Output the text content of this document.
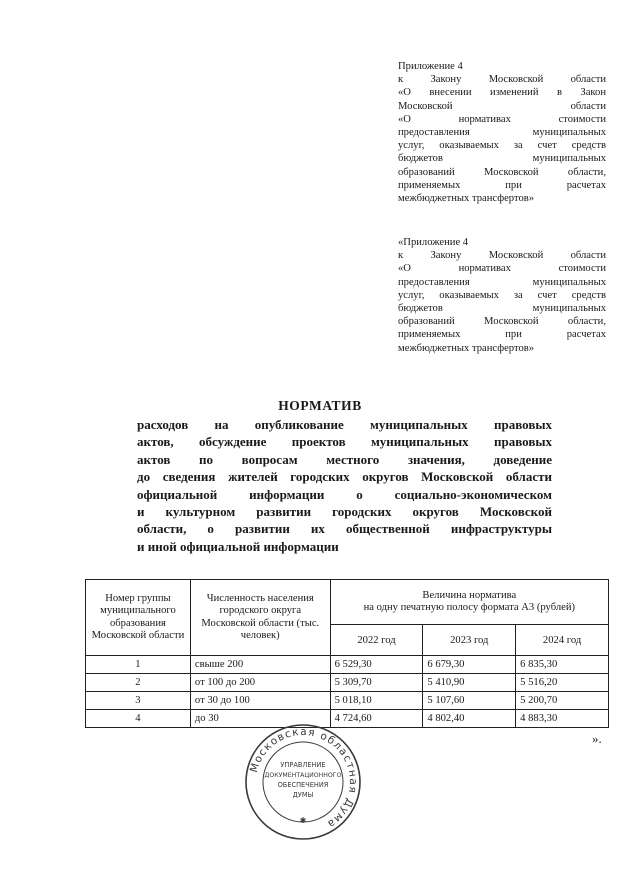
Приложение 4
к Закону Московской области
«О внесении изменений в Закон
Московской области
«О нормативах стоимости
предоставления муниципальных
услуг, оказываемых за счет средств
бюджетов муниципальных
образований Московской области,
применяемых при расчетах
межбюджетных трансфертов»
«Приложение 4
к Закону Московской области
«О нормативах стоимости
предоставления муниципальных
услуг, оказываемых за счет средств
бюджетов муниципальных
образований Московской области,
применяемых при расчетах
межбюджетных трансфертов»
НОРМАТИВ
расходов на опубликование муниципальных правовых
актов, обсуждение проектов муниципальных правовых
актов по вопросам местного значения, доведение
до сведения жителей городских округов Московской области
официальной информации о социально-экономическом
и культурном развитии городских округов Московской
области, о развитии их общественной инфраструктуры
и иной официальной информации
Номер группы муниципального образования Московской области	Численность населения городского округа Московской области (тыс. человек)	Величина норматива
на одну печатную полосу формата А3 (рублей)		
		2022 год	2023 год	2024 год
1	свыше 200	6 529,30	6 679,30	6 835,30
2	от 100 до 200	5 309,70	5 410,90	5 516,20
3	от 30 до 100	5 018,10	5 107,60	5 200,70
4	до 30	4 724,60	4 802,40	4 883,30
».
Московская областная Дума
УПРАВЛЕНИЕ
ДОКУМЕНТАЦИОННОГО
ОБЕСПЕЧЕНИЯ
ДУМЫ
✱
